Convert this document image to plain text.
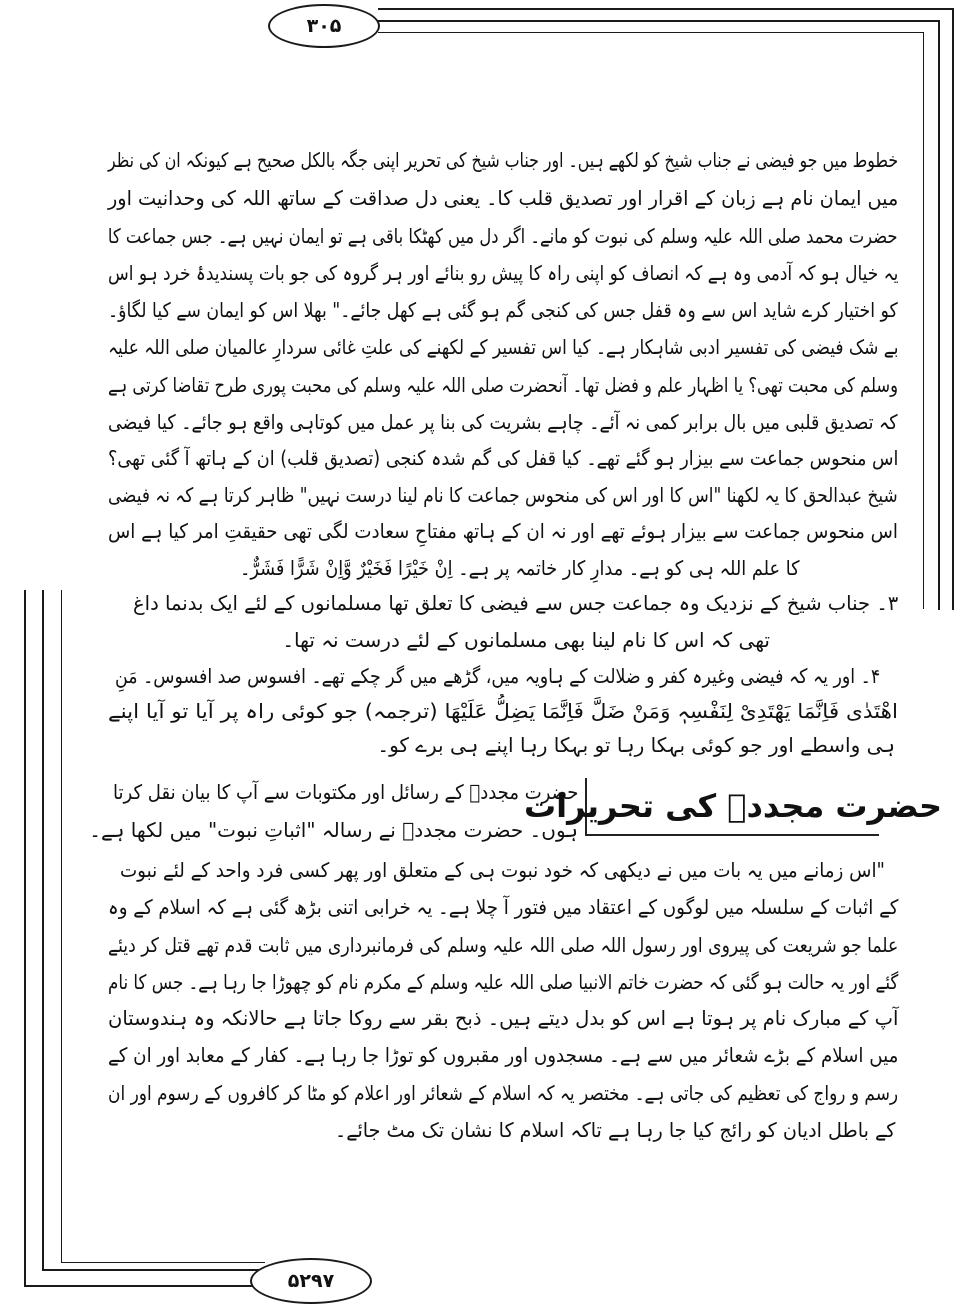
۳۰۵
۵۲۹۷
خطوط میں جو فیضی نے جناب شیخ کو لکھے ہیں۔ اور جناب شیخ کی تحریر اپنی جگہ بالکل صحیح ہے کیونکہ ان کی نظر
میں ایمان نام ہے زبان کے اقرار اور تصدیق قلب کا۔ یعنی دل صداقت کے ساتھ اللہ کی وحدانیت اور
حضرت محمد صلی اللہ علیہ وسلم کی نبوت کو مانے۔ اگر دل میں کھٹکا باقی ہے تو ایمان نہیں ہے۔ جس جماعت کا
یہ خیال ہو کہ آدمی وہ ہے کہ انصاف کو اپنی راہ کا پیش رو بنائے اور ہر گروہ کی جو بات پسندیدۂ خرد ہو اس
کو اختیار کرے شاید اس سے وہ قفل جس کی کنجی گم ہو گئی ہے کھل جائے۔" بھلا اس کو ایمان سے کیا لگاؤ۔
بے شک فیضی کی تفسیر ادبی شاہکار ہے۔ کیا اس تفسیر کے لکھنے کی علتِ غائی سردارِ عالمیان صلی اللہ علیہ
وسلم کی محبت تھی؟ یا اظہار علم و فضل تھا۔ آنحضرت صلی اللہ علیہ وسلم کی محبت پوری طرح تقاضا کرتی ہے
کہ تصدیق قلبی میں بال برابر کمی نہ آئے۔ چاہے بشریت کی بنا پر عمل میں کوتاہی واقع ہو جائے۔ کیا فیضی
اس منحوس جماعت سے بیزار ہو گئے تھے۔ کیا قفل کی گم شدہ کنجی (تصدیق قلب) ان کے ہاتھ آ گئی تھی؟
شیخ عبدالحق کا یہ لکھنا "اس کا اور اس کی منحوس جماعت کا نام لینا درست نہیں" ظاہر کرتا ہے کہ نہ فیضی
اس منحوس جماعت سے بیزار ہوئے تھے اور نہ ان کے ہاتھ مفتاحِ سعادت لگی تھی حقیقتِ امر کیا ہے اس
کا علم اللہ ہی کو ہے۔ مدارِ کار خاتمہ پر ہے۔ اِنْ خَیْرًا فَخَیْرٌ وَّاِنْ شَرًّا فَشَرٌّ۔
۳۔ جناب شیخ کے نزدیک وہ جماعت جس سے فیضی کا تعلق تھا مسلمانوں کے لئے ایک بدنما داغ
تھی کہ اس کا نام لینا بھی مسلمانوں کے لئے درست نہ تھا۔
۴۔ اور یہ کہ فیضی وغیرہ کفر و ضلالت کے ہاویہ میں، گڑھے میں گر چکے تھے۔ افسوس صد افسوس۔ مَنِ
اھْتَدٰی فَاِنَّمَا یَھْتَدِیْ لِنَفْسِہٖ وَمَنْ ضَلَّ فَاِنَّمَا یَضِلُّ عَلَیْھَا (ترجمہ) جو کوئی راہ پر آیا تو آیا اپنے
ہی واسطے اور جو کوئی بہکا رہا تو بہکا رہا اپنے ہی برے کو۔
حضرت مجددؒ کی تحریرات
حضرت مجددؒ کے رسائل اور مکتوبات سے آپ کا بیان نقل کرتا
ہوں۔ حضرت مجددؒ نے رسالہ "اثباتِ نبوت" میں لکھا ہے۔
"اس زمانے میں یہ بات میں نے دیکھی کہ خود نبوت ہی کے متعلق اور پھر کسی فرد واحد کے لئے نبوت
کے اثبات کے سلسلہ میں لوگوں کے اعتقاد میں فتور آ چلا ہے۔ یہ خرابی اتنی بڑھ گئی ہے کہ اسلام کے وہ
علما جو شریعت کی پیروی اور رسول اللہ صلی اللہ علیہ وسلم کی فرمانبرداری میں ثابت قدم تھے قتل کر دیئے
گئے اور یہ حالت ہو گئی کہ حضرت خاتم الانبیا صلی اللہ علیہ وسلم کے مکرم نام کو چھوڑا جا رہا ہے۔ جس کا نام
آپ کے مبارک نام پر ہوتا ہے اس کو بدل دیتے ہیں۔ ذبح بقر سے روکا جاتا ہے حالانکہ وہ ہندوستان
میں اسلام کے بڑے شعائر میں سے ہے۔ مسجدوں اور مقبروں کو توڑا جا رہا ہے۔ کفار کے معابد اور ان کے
رسم و رواج کی تعظیم کی جاتی ہے۔ مختصر یہ کہ اسلام کے شعائر اور اعلام کو مٹا کر کافروں کے رسوم اور ان
کے باطل ادیان کو رائج کیا جا رہا ہے تاکہ اسلام کا نشان تک مٹ جائے۔
